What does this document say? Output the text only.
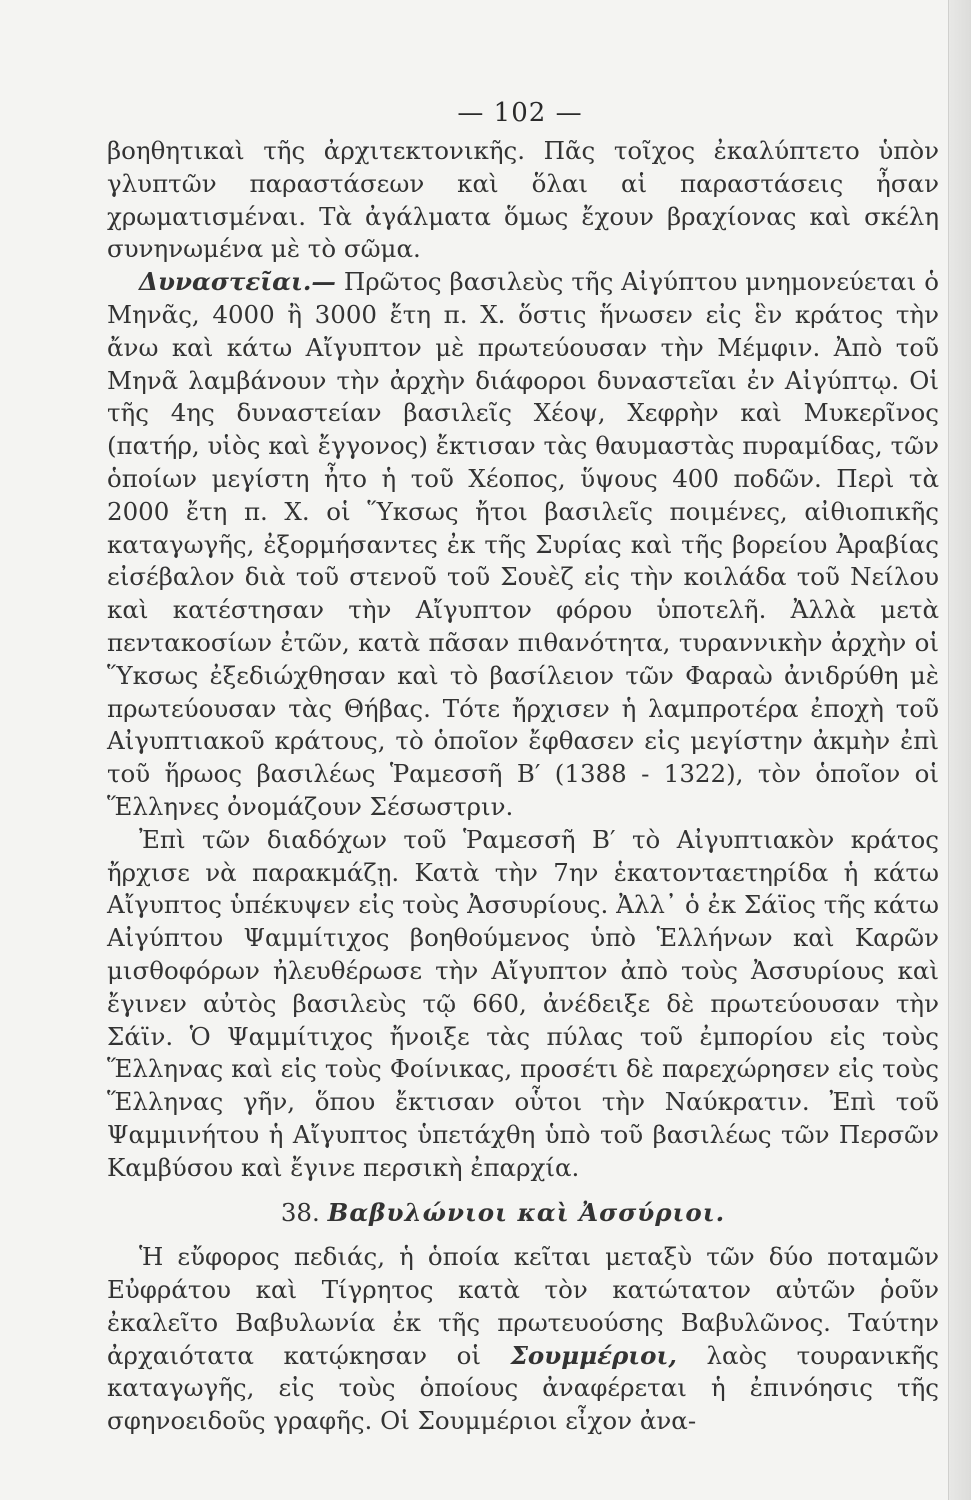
— 102 —

βοηθητικαὶ τῆς ἀρχιτεκτονικῆς. Πᾶς τοῖχος ἐκαλύπτετο ὑπὸν γλυπτῶν παραστάσεων καὶ ὅλαι αἱ παραστάσεις ἦσαν χρωματισμέναι. Τὰ ἀγάλματα ὅμως ἔχουν βραχίονας καὶ σκέλη συνηνωμένα μὲ τὸ σῶμα.

Δυναστεῖαι.— Πρῶτος βασιλεὺς τῆς Αἰγύπτου μνημονεύεται ὁ Μηνᾶς, 4000 ἢ 3000 ἔτη π. Χ. ὅστις ἥνωσεν εἰς ἓν κράτος τὴν ἄνω καὶ κάτω Αἴγυπτον μὲ πρωτεύουσαν τὴν Μέμφιν. Ἀπὸ τοῦ Μηνᾶ λαμβάνουν τὴν ἀρχὴν διάφοροι δυναστεῖαι ἐν Αἰγύπτῳ. Οἱ τῆς 4ης δυναστείαν βασιλεῖς Χέοψ, Χεφρὴν καὶ Μυκερῖνος (πατήρ, υἱὸς καὶ ἔγγονος) ἔκτισαν τὰς θαυμαστὰς πυραμίδας, τῶν ὁποίων μεγίστη ἦτο ἡ τοῦ Χέοπος, ὕψους 400 ποδῶν. Περὶ τὰ 2000 ἔτη π. Χ. οἱ Ὕκσως ἤτοι βασιλεῖς ποιμένες, αἰθιοπικῆς καταγωγῆς, ἐξορμήσαντες ἐκ τῆς Συρίας καὶ τῆς βορείου Ἀραβίας εἰσέβαλον διὰ τοῦ στενοῦ τοῦ Σουὲζ εἰς τὴν κοιλάδα τοῦ Νείλου καὶ κατέστησαν τὴν Αἴγυπτον φόρου ὑποτελῆ. Ἀλλὰ μετὰ πεντακοσίων ἐτῶν, κατὰ πᾶσαν πιθανότητα, τυραννικὴν ἀρχὴν οἱ Ὕκσως ἐξεδιώχθησαν καὶ τὸ βασίλειον τῶν Φαραὼ ἀνιδρύθη μὲ πρωτεύουσαν τὰς Θήβας. Τότε ἤρχισεν ἡ λαμπροτέρα ἐποχὴ τοῦ Αἰγυπτιακοῦ κράτους, τὸ ὁποῖον ἔφθασεν εἰς μεγίστην ἀκμὴν ἐπὶ τοῦ ἥρωος βασιλέως Ῥαμεσσῆ Β′ (1388 - 1322), τὸν ὁποῖον οἱ Ἕλληνες ὀνομάζουν Σέσωστριν.

Ἐπὶ τῶν διαδόχων τοῦ Ῥαμεσσῆ Β′ τὸ Αἰγυπτιακὸν κράτος ἤρχισε νὰ παρακμάζῃ. Κατὰ τὴν 7ην ἑκατονταετηρίδα ἡ κάτω Αἴγυπτος ὑπέκυψεν εἰς τοὺς Ἀσσυρίους. Ἀλλ᾽ ὁ ἐκ Σάϊος τῆς κάτω Αἰγύπτου Ψαμμίτιχος βοηθούμενος ὑπὸ Ἑλλήνων καὶ Καρῶν μισθοφόρων ἠλευθέρωσε τὴν Αἴγυπτον ἀπὸ τοὺς Ἀσσυρίους καὶ ἔγινεν αὐτὸς βασιλεὺς τῷ 660, ἀνέδειξε δὲ πρωτεύουσαν τὴν Σάϊν. Ὁ Ψαμμίτιχος ἤνοιξε τὰς πύλας τοῦ ἐμπορίου εἰς τοὺς Ἕλληνας καὶ εἰς τοὺς Φοίνικας, προσέτι δὲ παρεχώρησεν εἰς τοὺς Ἕλληνας γῆν, ὅπου ἔκτισαν οὗτοι τὴν Ναύκρατιν. Ἐπὶ τοῦ Ψαμμινήτου ἡ Αἴγυπτος ὑπετάχθη ὑπὸ τοῦ βασιλέως τῶν Περσῶν Καμβύσου καὶ ἔγινε περσικὴ ἐπαρχία.

38. Βαβυλώνιοι καὶ Ἀσσύριοι.

Ἡ εὔφορος πεδιάς, ἡ ὁποία κεῖται μεταξὺ τῶν δύο ποταμῶν Εὐφράτου καὶ Τίγρητος κατὰ τὸν κατώτατον αὐτῶν ῥοῦν ἐκαλεῖτο Βαβυλωνία ἐκ τῆς πρωτευούσης Βαβυλῶνος. Ταύτην ἀρχαιότατα κατῴκησαν οἱ Σουμμέριοι, λαὸς τουρανικῆς καταγωγῆς, εἰς τοὺς ὁποίους ἀναφέρεται ἡ ἐπινόησις τῆς σφηνοειδοῦς γραφῆς. Οἱ Σουμμέριοι εἶχον ἀνα-
